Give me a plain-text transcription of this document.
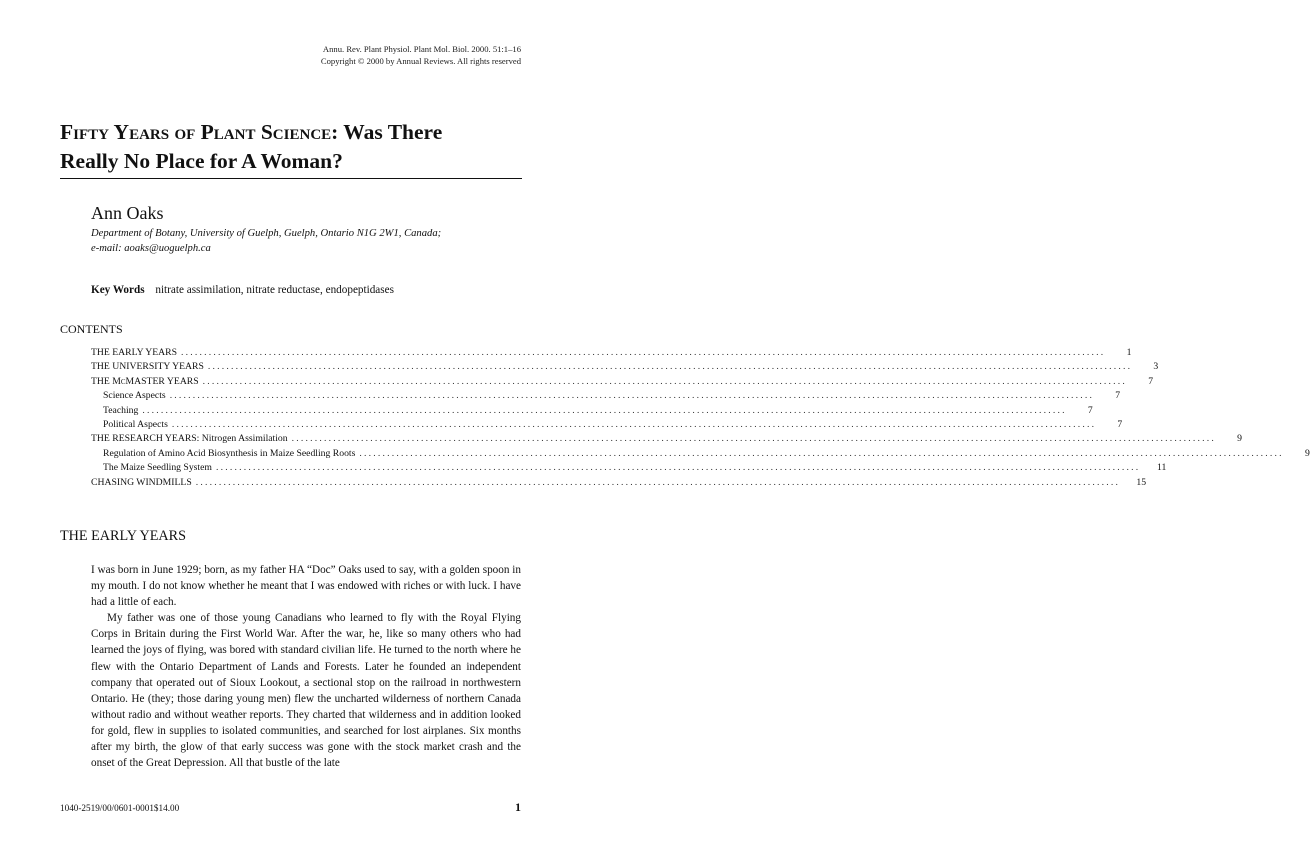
Annu. Rev. Plant Physiol. Plant Mol. Biol. 2000. 51:1–16
Copyright © 2000 by Annual Reviews. All rights reserved
Fifty Years of Plant Science: Was There
Really No Place for A Woman?
Ann Oaks
Department of Botany, University of Guelph, Guelph, Ontario N1G 2W1, Canada;
e-mail: aoaks@uoguelph.ca
Key Words nitrate assimilation, nitrate reductase, endopeptidases
CONTENTS
THE EARLY YEARS ........................................................................................................................................................................................................	1
THE UNIVERSITY YEARS ........................................................................................................................................................................................................	3
THE McMASTER YEARS ........................................................................................................................................................................................................	7
Science Aspects ........................................................................................................................................................................................................	7
Teaching ........................................................................................................................................................................................................	7
Political Aspects ........................................................................................................................................................................................................	7
THE RESEARCH YEARS: Nitrogen Assimilation ........................................................................................................................................................................................................	9
Regulation of Amino Acid Biosynthesis in Maize Seedling Roots ........................................................................................................................................................................................................	9
The Maize Seedling System ........................................................................................................................................................................................................	11
CHASING WINDMILLS ........................................................................................................................................................................................................	15
THE EARLY YEARS

I was born in June 1929; born, as my father HA “Doc” Oaks used to say, with a golden spoon in my mouth. I do not know whether he meant that I was endowed with riches or with luck. I have had a little of each.

My father was one of those young Canadians who learned to fly with the Royal Flying Corps in Britain during the First World War. After the war, he, like so many others who had learned the joys of flying, was bored with standard civilian life. He turned to the north where he flew with the Ontario Department of Lands and Forests. Later he founded an independent company that operated out of Sioux Lookout, a sectional stop on the railroad in northwestern Ontario. He (they; those daring young men) flew the uncharted wilderness of northern Canada without radio and without weather reports. They charted that wilderness and in addition looked for gold, flew in supplies to isolated communities, and searched for lost airplanes. Six months after my birth, the glow of that early success was gone with the stock market crash and the onset of the Great Depression. All that bustle of the late

1040-2519/00/0601-0001$14.00	1
